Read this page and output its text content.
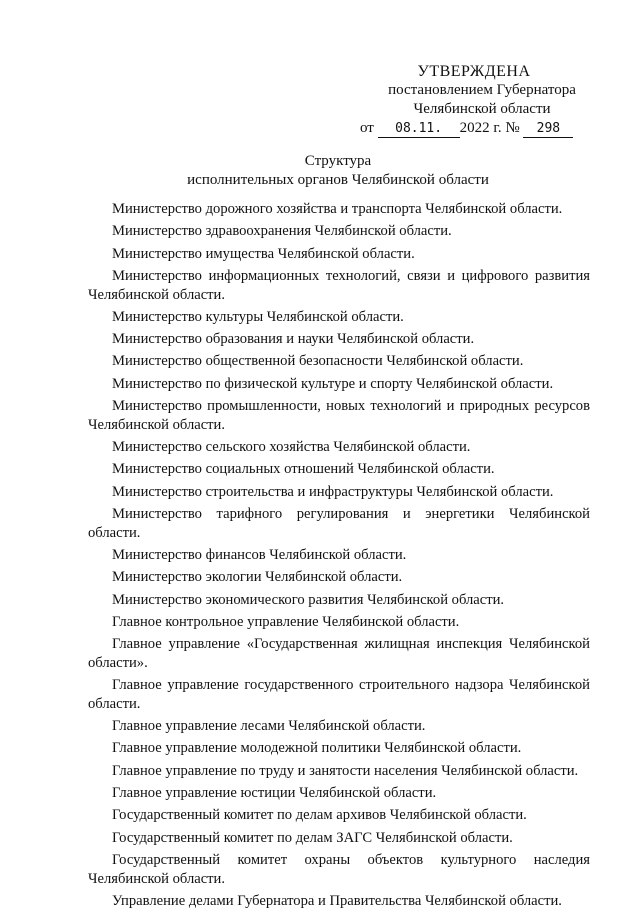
УТВЕРЖДЕНА
постановлением Губернатора
Челябинской области
от 08.11. 2022 г. № 298
Структура
исполнительных органов Челябинской области
Министерство дорожного хозяйства и транспорта Челябинской области.
Министерство здравоохранения Челябинской области.
Министерство имущества Челябинской области.
Министерство информационных технологий, связи и цифрового развития Челябинской области.
Министерство культуры Челябинской области.
Министерство образования и науки Челябинской области.
Министерство общественной безопасности Челябинской области.
Министерство по физической культуре и спорту Челябинской области.
Министерство промышленности, новых технологий и природных ресурсов Челябинской области.
Министерство сельского хозяйства Челябинской области.
Министерство социальных отношений Челябинской области.
Министерство строительства и инфраструктуры Челябинской области.
Министерство тарифного регулирования и энергетики Челябинской области.
Министерство финансов Челябинской области.
Министерство экологии Челябинской области.
Министерство экономического развития Челябинской области.
Главное контрольное управление Челябинской области.
Главное управление «Государственная жилищная инспекция Челябинской области».
Главное управление государственного строительного надзора Челябинской области.
Главное управление лесами Челябинской области.
Главное управление молодежной политики Челябинской области.
Главное управление по труду и занятости населения Челябинской области.
Главное управление юстиции Челябинской области.
Государственный комитет по делам архивов Челябинской области.
Государственный комитет по делам ЗАГС Челябинской области.
Государственный комитет охраны объектов культурного наследия Челябинской области.
Управление делами Губернатора и Правительства Челябинской области.
